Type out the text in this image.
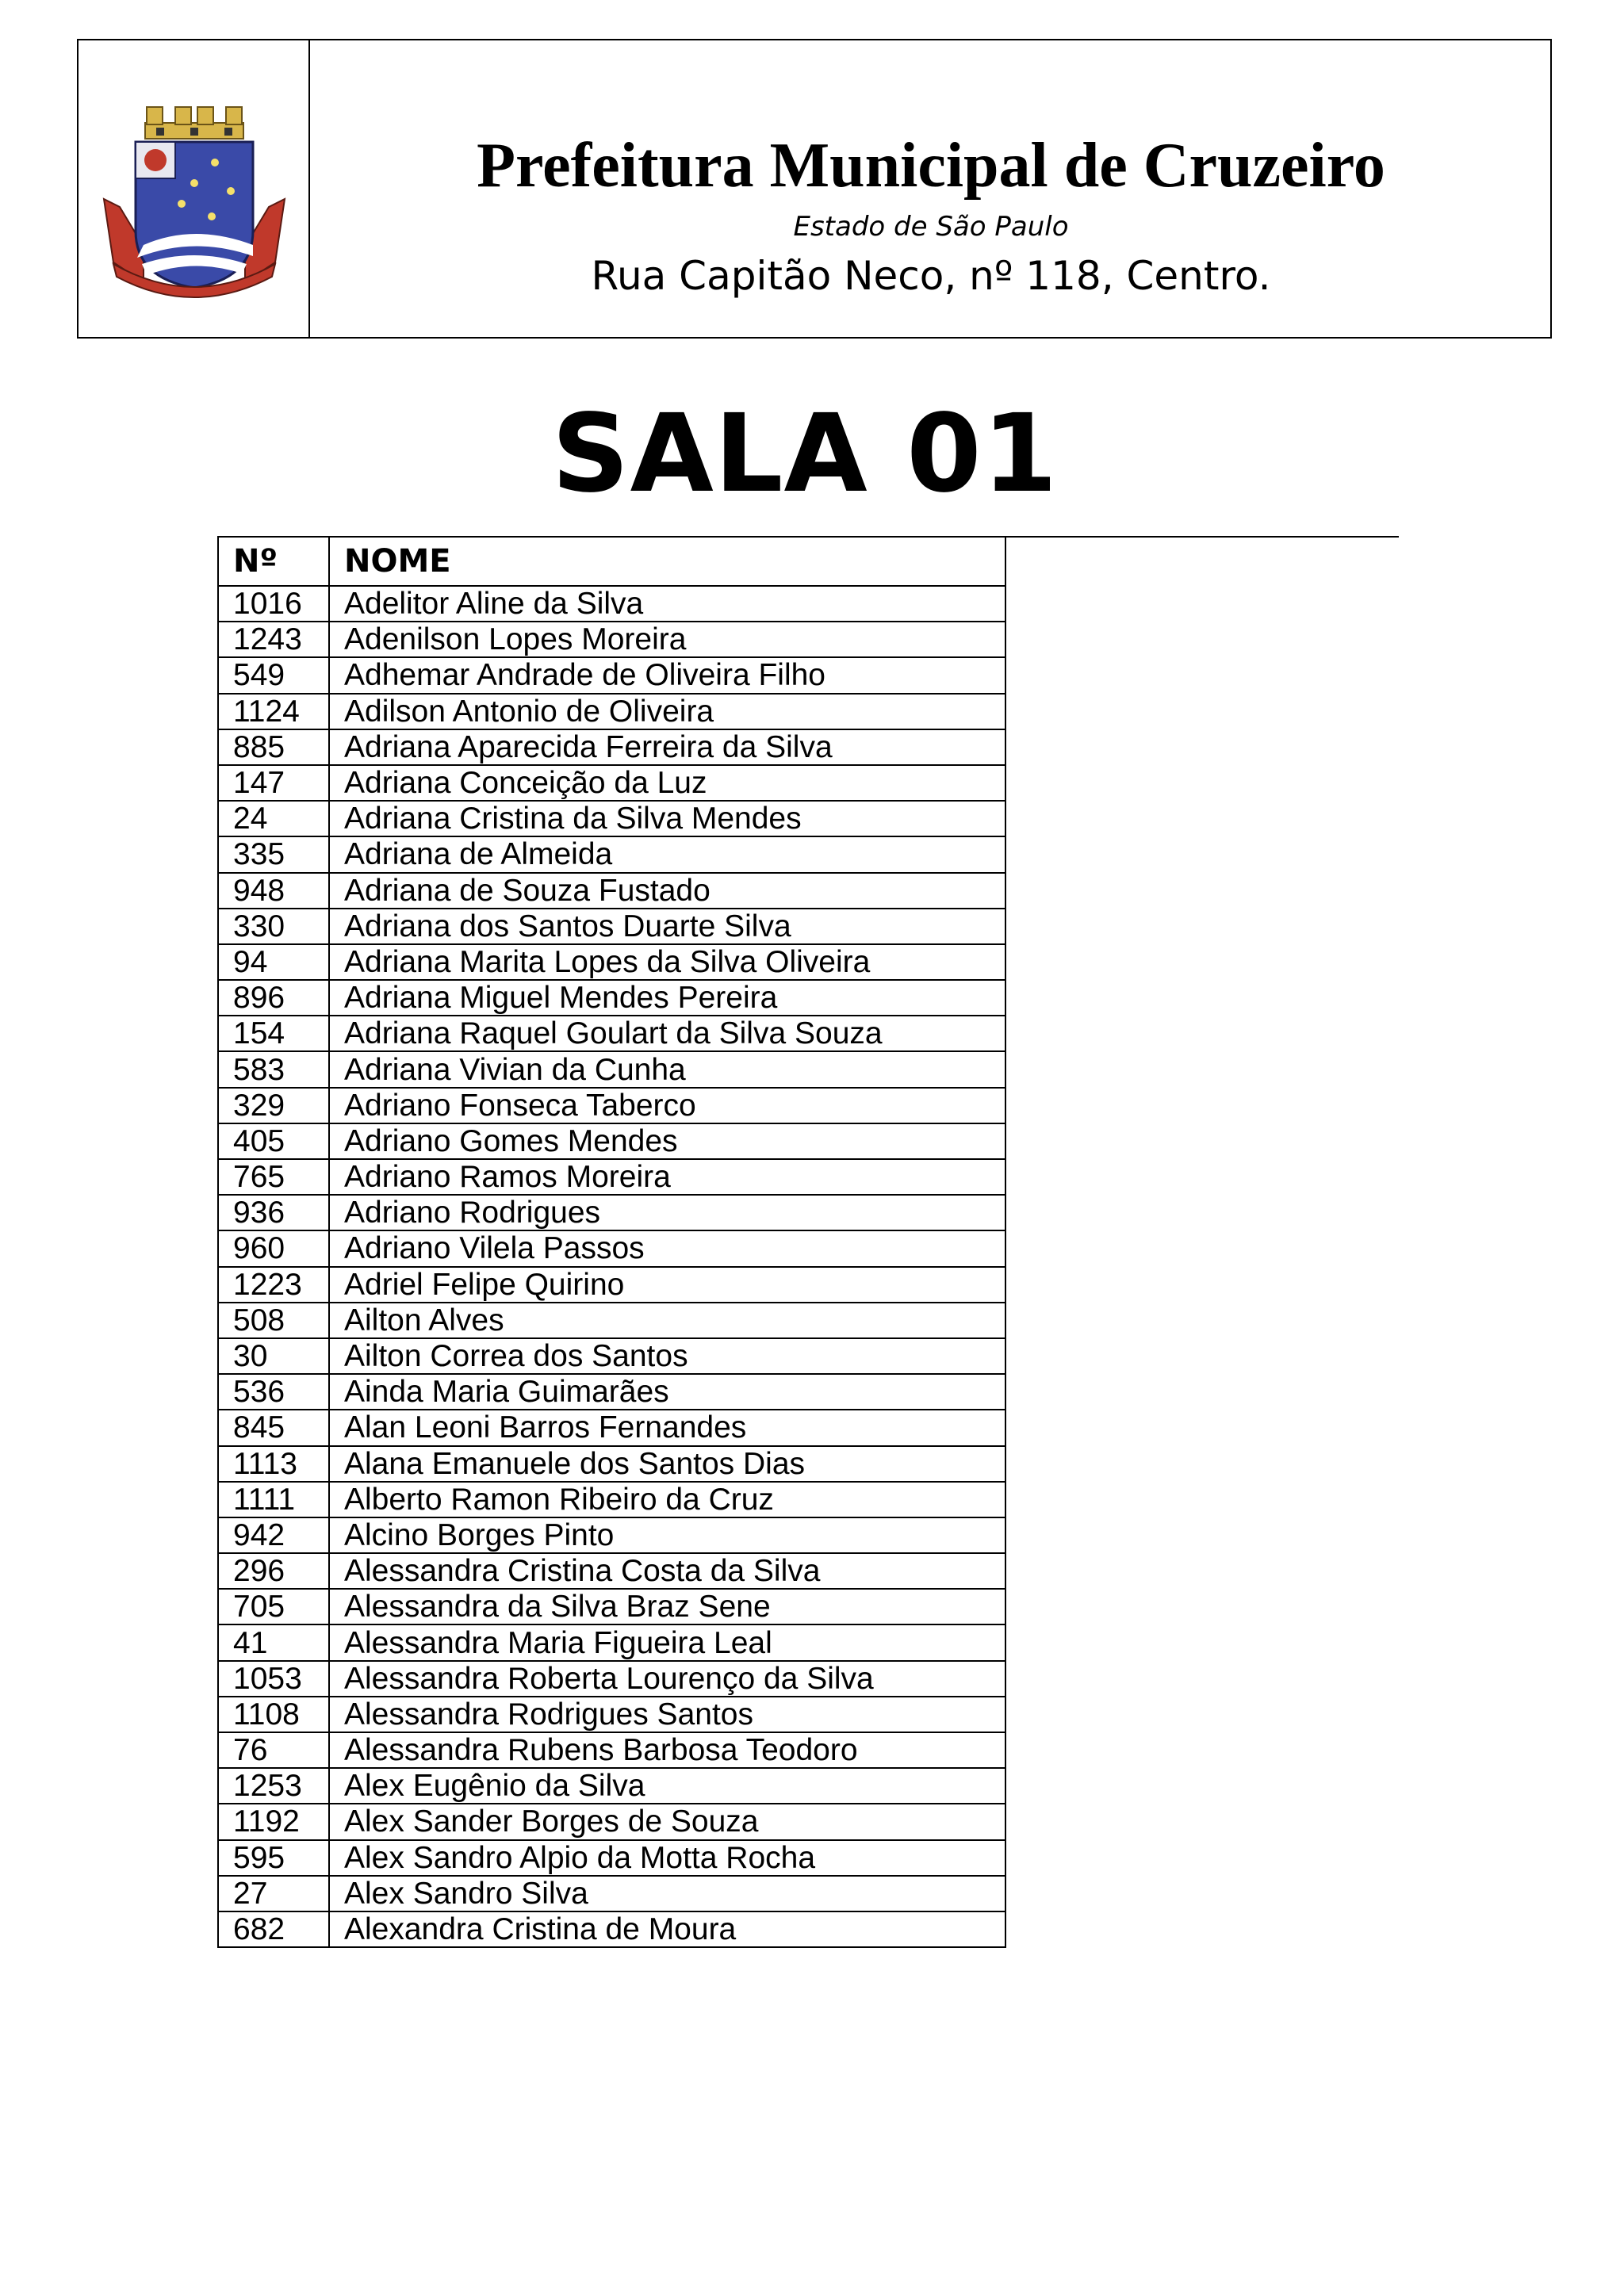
Prefeitura Municipal de Cruzeiro
Estado de São Paulo
Rua Capitão Neco, nº 118, Centro.
SALA 01
Nº	NOME
1016	Adelitor Aline da Silva
1243	Adenilson Lopes Moreira
549	Adhemar Andrade de Oliveira Filho
1124	Adilson Antonio de Oliveira
885	Adriana Aparecida Ferreira da Silva
147	Adriana Conceição da Luz
24	Adriana Cristina da Silva Mendes
335	Adriana de Almeida
948	Adriana de Souza Fustado
330	Adriana dos Santos Duarte Silva
94	Adriana Marita Lopes da Silva Oliveira
896	Adriana Miguel Mendes Pereira
154	Adriana Raquel Goulart da Silva Souza
583	Adriana Vivian da Cunha
329	Adriano Fonseca Taberco
405	Adriano Gomes Mendes
765	Adriano Ramos Moreira
936	Adriano Rodrigues
960	Adriano Vilela Passos
1223	Adriel Felipe Quirino
508	Ailton Alves
30	Ailton Correa dos Santos
536	Ainda Maria Guimarães
845	Alan Leoni Barros Fernandes
1113	Alana Emanuele dos Santos Dias
1111	Alberto Ramon Ribeiro da Cruz
942	Alcino Borges Pinto
296	Alessandra Cristina Costa da Silva
705	Alessandra da Silva Braz Sene
41	Alessandra Maria Figueira Leal
1053	Alessandra Roberta Lourenço da Silva
1108	Alessandra Rodrigues Santos
76	Alessandra Rubens Barbosa Teodoro
1253	Alex Eugênio da Silva
1192	Alex Sander Borges de Souza
595	Alex Sandro Alpio da Motta Rocha
27	Alex Sandro Silva
682	Alexandra Cristina de Moura
